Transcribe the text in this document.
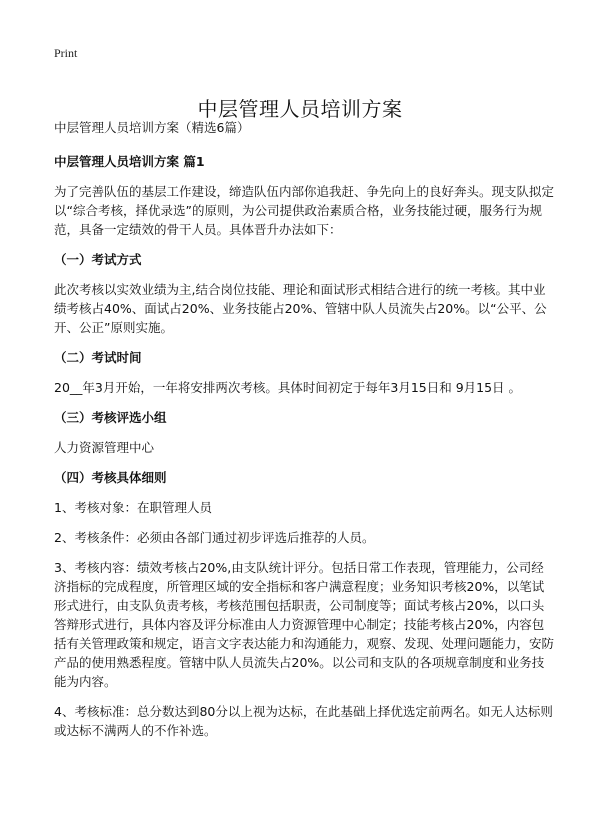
Print
中层管理人员培训方案
中层管理人员培训方案（精选6篇）
中层管理人员培训方案 篇1
为了完善队伍的基层工作建设，缔造队伍内部你追我赶、争先向上的良好奔头。现支队拟定以“综合考核，择优录选”的原则，为公司提供政治素质合格，业务技能过硬，服务行为规范，具备一定绩效的骨干人员。具体晋升办法如下：
（一）考试方式
此次考核以实效业绩为主,结合岗位技能、理论和面试形式相结合进行的统一考核。其中业绩考核占40%、面试占20%、业务技能占20%、管辖中队人员流失占20%。以“公平、公开、公正”原则实施。
（二）考试时间
20__年3月开始，一年将安排两次考核。具体时间初定于每年3月15日和 9月15日 。
（三）考核评选小组
人力资源管理中心
（四）考核具体细则
1、考核对象：在职管理人员
2、考核条件：必须由各部门通过初步评选后推荐的人员。
3、考核内容：绩效考核占20%,由支队统计评分。包括日常工作表现，管理能力，公司经济指标的完成程度，所管理区域的安全指标和客户满意程度；业务知识考核20%，以笔试形式进行，由支队负责考核，考核范围包括职责，公司制度等；面试考核占20%，以口头答辩形式进行，具体内容及评分标准由人力资源管理中心制定；技能考核占20%，内容包括有关管理政策和规定，语言文字表达能力和沟通能力，观察、发现、处理问题能力，安防产品的使用熟悉程度。管辖中队人员流失占20%。以公司和支队的各项规章制度和业务技能为内容。
4、考核标准：总分数达到80分以上视为达标，在此基础上择优选定前两名。如无人达标则或达标不满两人的不作补选。
